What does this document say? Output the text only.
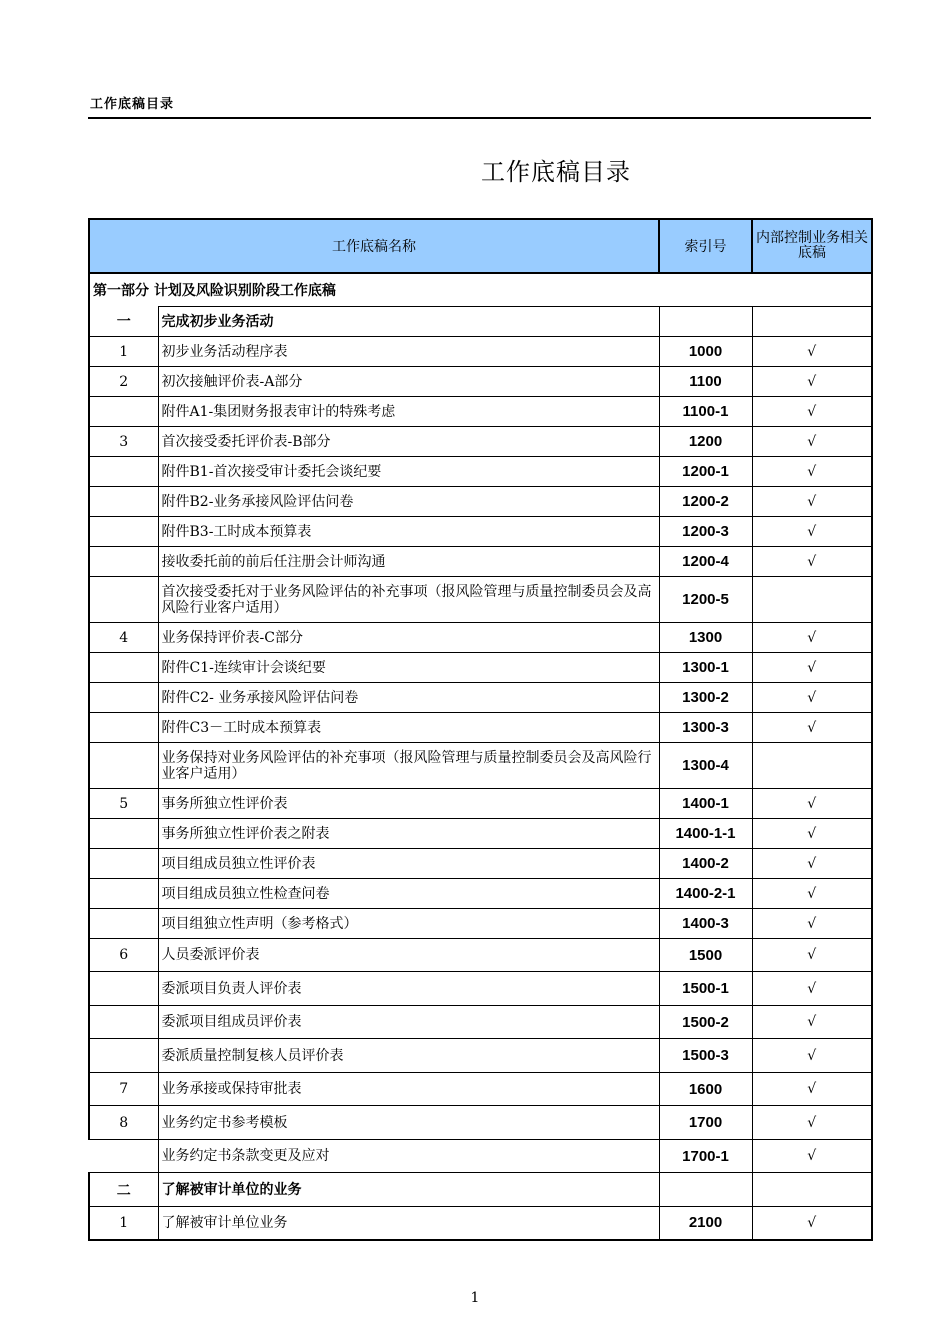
工作底稿目录
工作底稿目录
工作底稿名称		索引号	内部控制业务相关底稿
第一部分 计划及风险识别阶段工作底稿			
一	完成初步业务活动		
1	初步业务活动程序表	1000	√
2	初次接触评价表-A部分	1100	√
	附件A1-集团财务报表审计的特殊考虑	1100-1	√
3	首次接受委托评价表-B部分	1200	√
	附件B1-首次接受审计委托会谈纪要	1200-1	√
	附件B2-业务承接风险评估问卷	1200-2	√
	附件B3-工时成本预算表	1200-3	√
	接收委托前的前后任注册会计师沟通	1200-4	√
	首次接受委托对于业务风险评估的补充事项（报风险管理与质量控制委员会及高风险行业客户适用）	1200-5	
4	业务保持评价表-C部分	1300	√
	附件C1-连续审计会谈纪要	1300-1	√
	附件C2- 业务承接风险评估问卷	1300-2	√
	附件C3－工时成本预算表	1300-3	√
	业务保持对业务风险评估的补充事项（报风险管理与质量控制委员会及高风险行业客户适用）	1300-4	
5	事务所独立性评价表	1400-1	√
	事务所独立性评价表之附表	1400-1-1	√
	项目组成员独立性评价表	1400-2	√
	项目组成员独立性检查问卷	1400-2-1	√
	项目组独立性声明（参考格式）	1400-3	√
6	人员委派评价表	1500	√
	委派项目负责人评价表	1500-1	√
	委派项目组成员评价表	1500-2	√
	委派质量控制复核人员评价表	1500-3	√
7	业务承接或保持审批表	1600	√
8	业务约定书参考模板	1700	√
	业务约定书条款变更及应对	1700-1	√
二	了解被审计单位的业务		
1	了解被审计单位业务	2100	√
1
